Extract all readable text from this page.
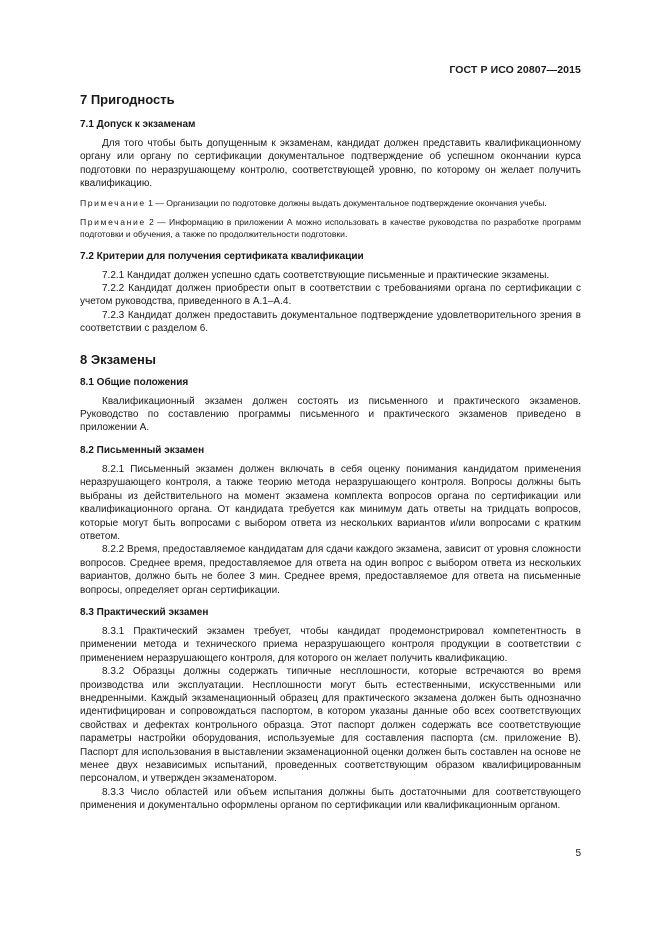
ГОСТ Р ИСО 20807—2015
7 Пригодность
7.1 Допуск к экзаменам

Для того чтобы быть допущенным к экзаменам, кандидат должен представить квалификационному органу или органу по сертификации документальное подтверждение об успешном окончании курса подготовки по неразрушающему контролю, соответствующей уровню, по которому он желает получить квалификацию.

Примечание 1 — Организации по подготовке должны выдать документальное подтверждение окончания учебы.

Примечание 2 — Информацию в приложении А можно использовать в качестве руководства по разработке программ подготовки и обучения, а также по продолжительности подготовки.

7.2 Критерии для получения сертификата квалификации

7.2.1 Кандидат должен успешно сдать соответствующие письменные и практические экзамены.

7.2.2 Кандидат должен приобрести опыт в соответствии с требованиями органа по сертификации с учетом руководства, приведенного в А.1–А.4.

7.2.3 Кандидат должен предоставить документальное подтверждение удовлетворительного зрения в соответствии с разделом 6.

8 Экзамены
8.1 Общие положения

Квалификационный экзамен должен состоять из письменного и практического экзаменов. Руководство по составлению программы письменного и практического экзаменов приведено в приложении А.

8.2 Письменный экзамен

8.2.1 Письменный экзамен должен включать в себя оценку понимания кандидатом применения неразрушающего контроля, а также теорию метода неразрушающего контроля. Вопросы должны быть выбраны из действительного на момент экзамена комплекта вопросов органа по сертификации или квалификационного органа. От кандидата требуется как минимум дать ответы на тридцать вопросов, которые могут быть вопросами с выбором ответа из нескольких вариантов и/или вопросами с кратким ответом.

8.2.2 Время, предоставляемое кандидатам для сдачи каждого экзамена, зависит от уровня сложности вопросов. Среднее время, предоставляемое для ответа на один вопрос с выбором ответа из нескольких вариантов, должно быть не более 3 мин. Среднее время, предоставляемое для ответа на письменные вопросы, определяет орган сертификации.

8.3 Практический экзамен

8.3.1 Практический экзамен требует, чтобы кандидат продемонстрировал компетентность в применении метода и технического приема неразрушающего контроля продукции в соответствии с применением неразрушающего контроля, для которого он желает получить квалификацию.

8.3.2 Образцы должны содержать типичные несплошности, которые встречаются во время производства или эксплуатации. Несплошности могут быть естественными, искусственными или внедренными. Каждый экзаменационный образец для практического экзамена должен быть однозначно идентифицирован и сопровождаться паспортом, в котором указаны данные обо всех соответствующих свойствах и дефектах контрольного образца. Этот паспорт должен содержать все соответствующие параметры настройки оборудования, используемые для составления паспорта (см. приложение В). Паспорт для использования в выставлении экзаменационной оценки должен быть составлен на основе не менее двух независимых испытаний, проведенных соответствующим образом квалифицированным персоналом, и утвержден экзаменатором.

8.3.3 Число областей или объем испытания должны быть достаточными для соответствующего применения и документально оформлены органом по сертификации или квалификационным органом.

5
